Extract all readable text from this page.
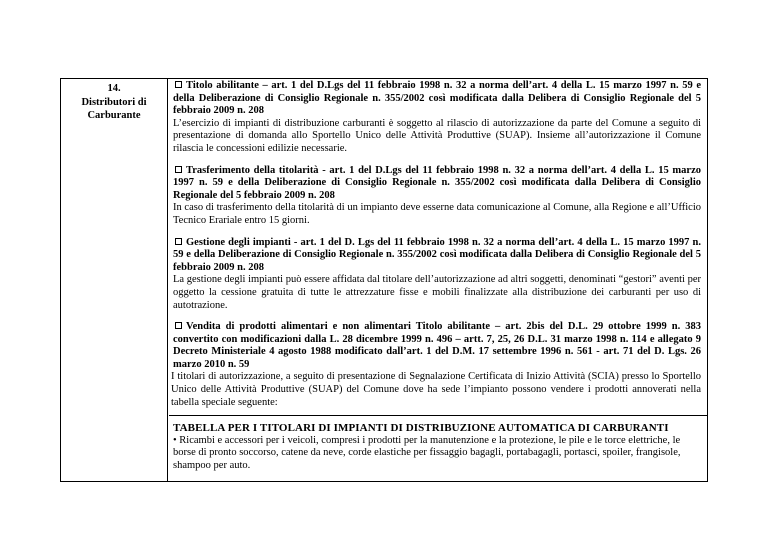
14.
Distributori di
Carburante
Titolo abilitante – art. 1 del D.Lgs del 11 febbraio 1998 n. 32 a norma dell’art. 4 della L. 15 marzo 1997 n. 59 e della Deliberazione di Consiglio Regionale n. 355/2002 così modificata dalla Delibera di Consiglio Regionale del 5 febbraio 2009 n. 208
L’esercizio di impianti di distribuzione carburanti è soggetto al rilascio di autorizzazione da parte del Comune a seguito di presentazione di domanda allo Sportello Unico delle Attività Produttive (SUAP). Insieme all’autorizzazione il Comune rilascia le concessioni edilizie necessarie.
Trasferimento della titolarità - art. 1 del D.Lgs del 11 febbraio 1998 n. 32 a norma dell’art. 4 della L. 15 marzo 1997 n. 59 e della Deliberazione di Consiglio Regionale n. 355/2002 così modificata dalla Delibera di Consiglio Regionale del 5 febbraio 2009 n. 208
In caso di trasferimento della titolarità di un impianto deve esserne data comunicazione al Comune, alla Regione e all’Ufficio Tecnico Erariale entro 15 giorni.
Gestione degli impianti - art. 1 del D. Lgs del 11 febbraio 1998 n. 32 a norma dell’art. 4 della L. 15 marzo 1997 n. 59 e della Deliberazione di Consiglio Regionale n. 355/2002 così modificata dalla Delibera di Consiglio Regionale del 5 febbraio 2009 n. 208
La gestione degli impianti può essere affidata dal titolare dell’autorizzazione ad altri soggetti, denominati “gestori” aventi per oggetto la cessione gratuita di tutte le attrezzature fisse e mobili finalizzate alla distribuzione dei carburanti per uso di autotrazione.
Vendita di prodotti alimentari e non alimentari Titolo abilitante – art. 2bis del D.L. 29 ottobre 1999 n. 383 convertito con modificazioni dalla L. 28 dicembre 1999 n. 496 – artt. 7, 25, 26 D.L. 31 marzo 1998 n. 114 e allegato 9 Decreto Ministeriale 4 agosto 1988 modificato dall’art. 1 del D.M. 17 settembre 1996 n. 561 - art. 71 del D. Lgs. 26 marzo 2010 n. 59
I titolari di autorizzazione, a seguito di presentazione di Segnalazione Certificata di Inizio Attività (SCIA) presso lo Sportello Unico delle Attività Produttive (SUAP) del Comune dove ha sede l’impianto possono vendere i prodotti annoverati nella tabella speciale seguente:
TABELLA PER I TITOLARI DI IMPIANTI DI DISTRIBUZIONE AUTOMATICA DI CARBURANTI
• Ricambi e accessori per i veicoli, compresi i prodotti per la manutenzione e la protezione, le pile e le torce elettriche, le borse di pronto soccorso, catene da neve, corde elastiche per fissaggio bagagli, portabagagli, portasci, spoiler, frangisole, shampoo per auto.
